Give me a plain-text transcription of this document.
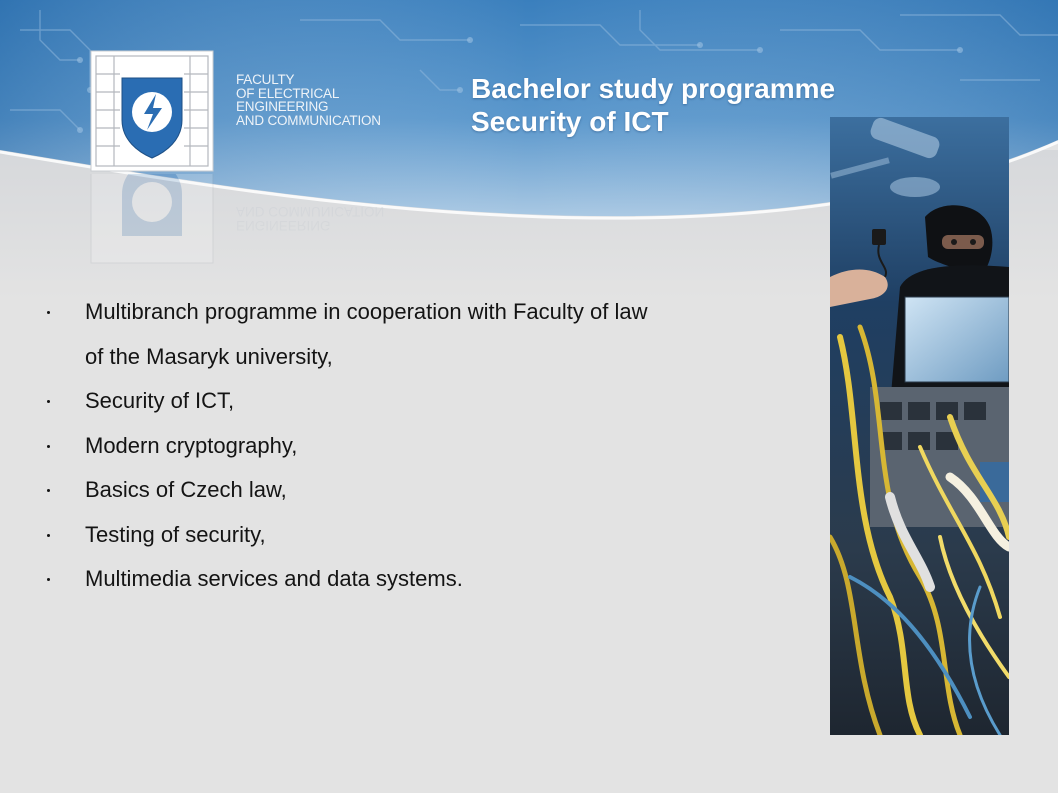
FACULTY
OF ELECTRICAL
ENGINEERING
AND COMMUNICATION
ENGINEERING
AND COMMUNICATION
Bachelor study programme
Security of ICT
Multibranch programme in cooperation with Faculty of law
of the Masaryk university,
Security of ICT,
Modern cryptography,
Basics of Czech law,
Testing of security,
Multimedia services and data systems.
